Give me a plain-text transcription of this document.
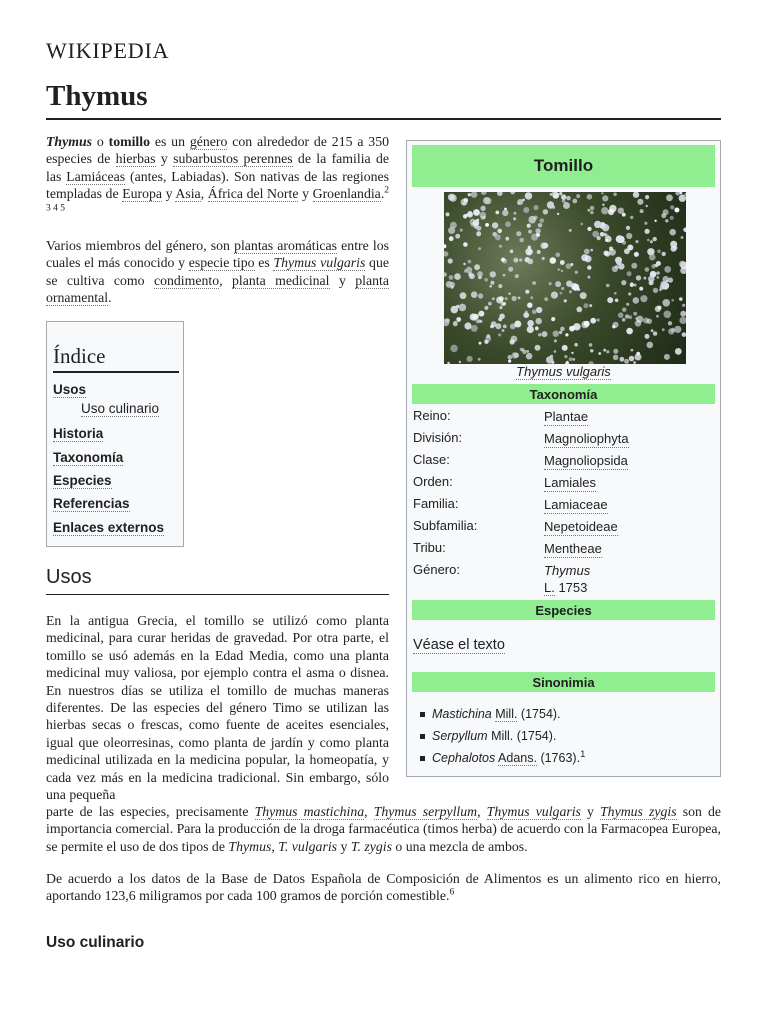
WIKIPEDIA
Thymus

Thymus o tomillo es un género con alrededor de 215 a 350 especies de hierbas y subarbustos perennes de la familia de las Lamiáceas (antes, Labiadas). Son nativas de las regiones templadas de Europa y Asia, África del Norte y Groenlandia.$^{2 3 4 5}$

Varios miembros del género, son plantas aromáticas entre los cuales el más conocido y especie tipo es Thymus vulgaris que se cultiva como condimento, planta medicinal y planta ornamental.

Índice
Usos
Uso culinario
Historia
Taxonomía
Especies
Referencias
Enlaces externos
Usos

En la antigua Grecia, el tomillo se utilizó como planta medicinal, para curar heridas de gravedad. Por otra parte, el tomillo se usó además en la Edad Media, como una planta medicinal muy valiosa, por ejemplo contra el asma o disnea. En nuestros días se utiliza el tomillo de muchas maneras diferentes. De las especies del género Timo se utilizan las hierbas secas o frescas, como fuente de aceites esenciales, igual que oleorresinas, como planta de jardín y como planta medicinal utilizada en la medicina popular, la homeopatía, y cada vez más en la medicina tradicional. Sin embargo, sólo una pequeña

parte de las especies, precisamente Thymus mastichina, Thymus serpyllum, Thymus vulgaris y Thymus zygis son de importancia comercial. Para la producción de la droga farmacéutica (timos herba) de acuerdo con la Farmacopea Europea, se permite el uso de dos tipos de Thymus, T. vulgaris y T. zygis o una mezcla de ambos.

De acuerdo a los datos de la Base de Datos Española de Composición de Alimentos es un alimento rico en hierro, aportando 123,6 miligramos por cada 100 gramos de porción comestible.$^6$

Uso culinario
Tomillo
Thymus vulgaris
Taxonomía
Reino:	Plantae
División:	Magnoliophyta
Clase:	Magnoliopsida
Orden:	Lamiales
Familia:	Lamiaceae
Subfamilia:	Nepetoideae
Tribu:	Mentheae
Género:	Thymus
L. 1753
Especies
Véase el texto
Sinonimia
Mastichina Mill. (1754).
Serpyllum Mill. (1754).
Cephalotos Adans. (1763).$^1$
